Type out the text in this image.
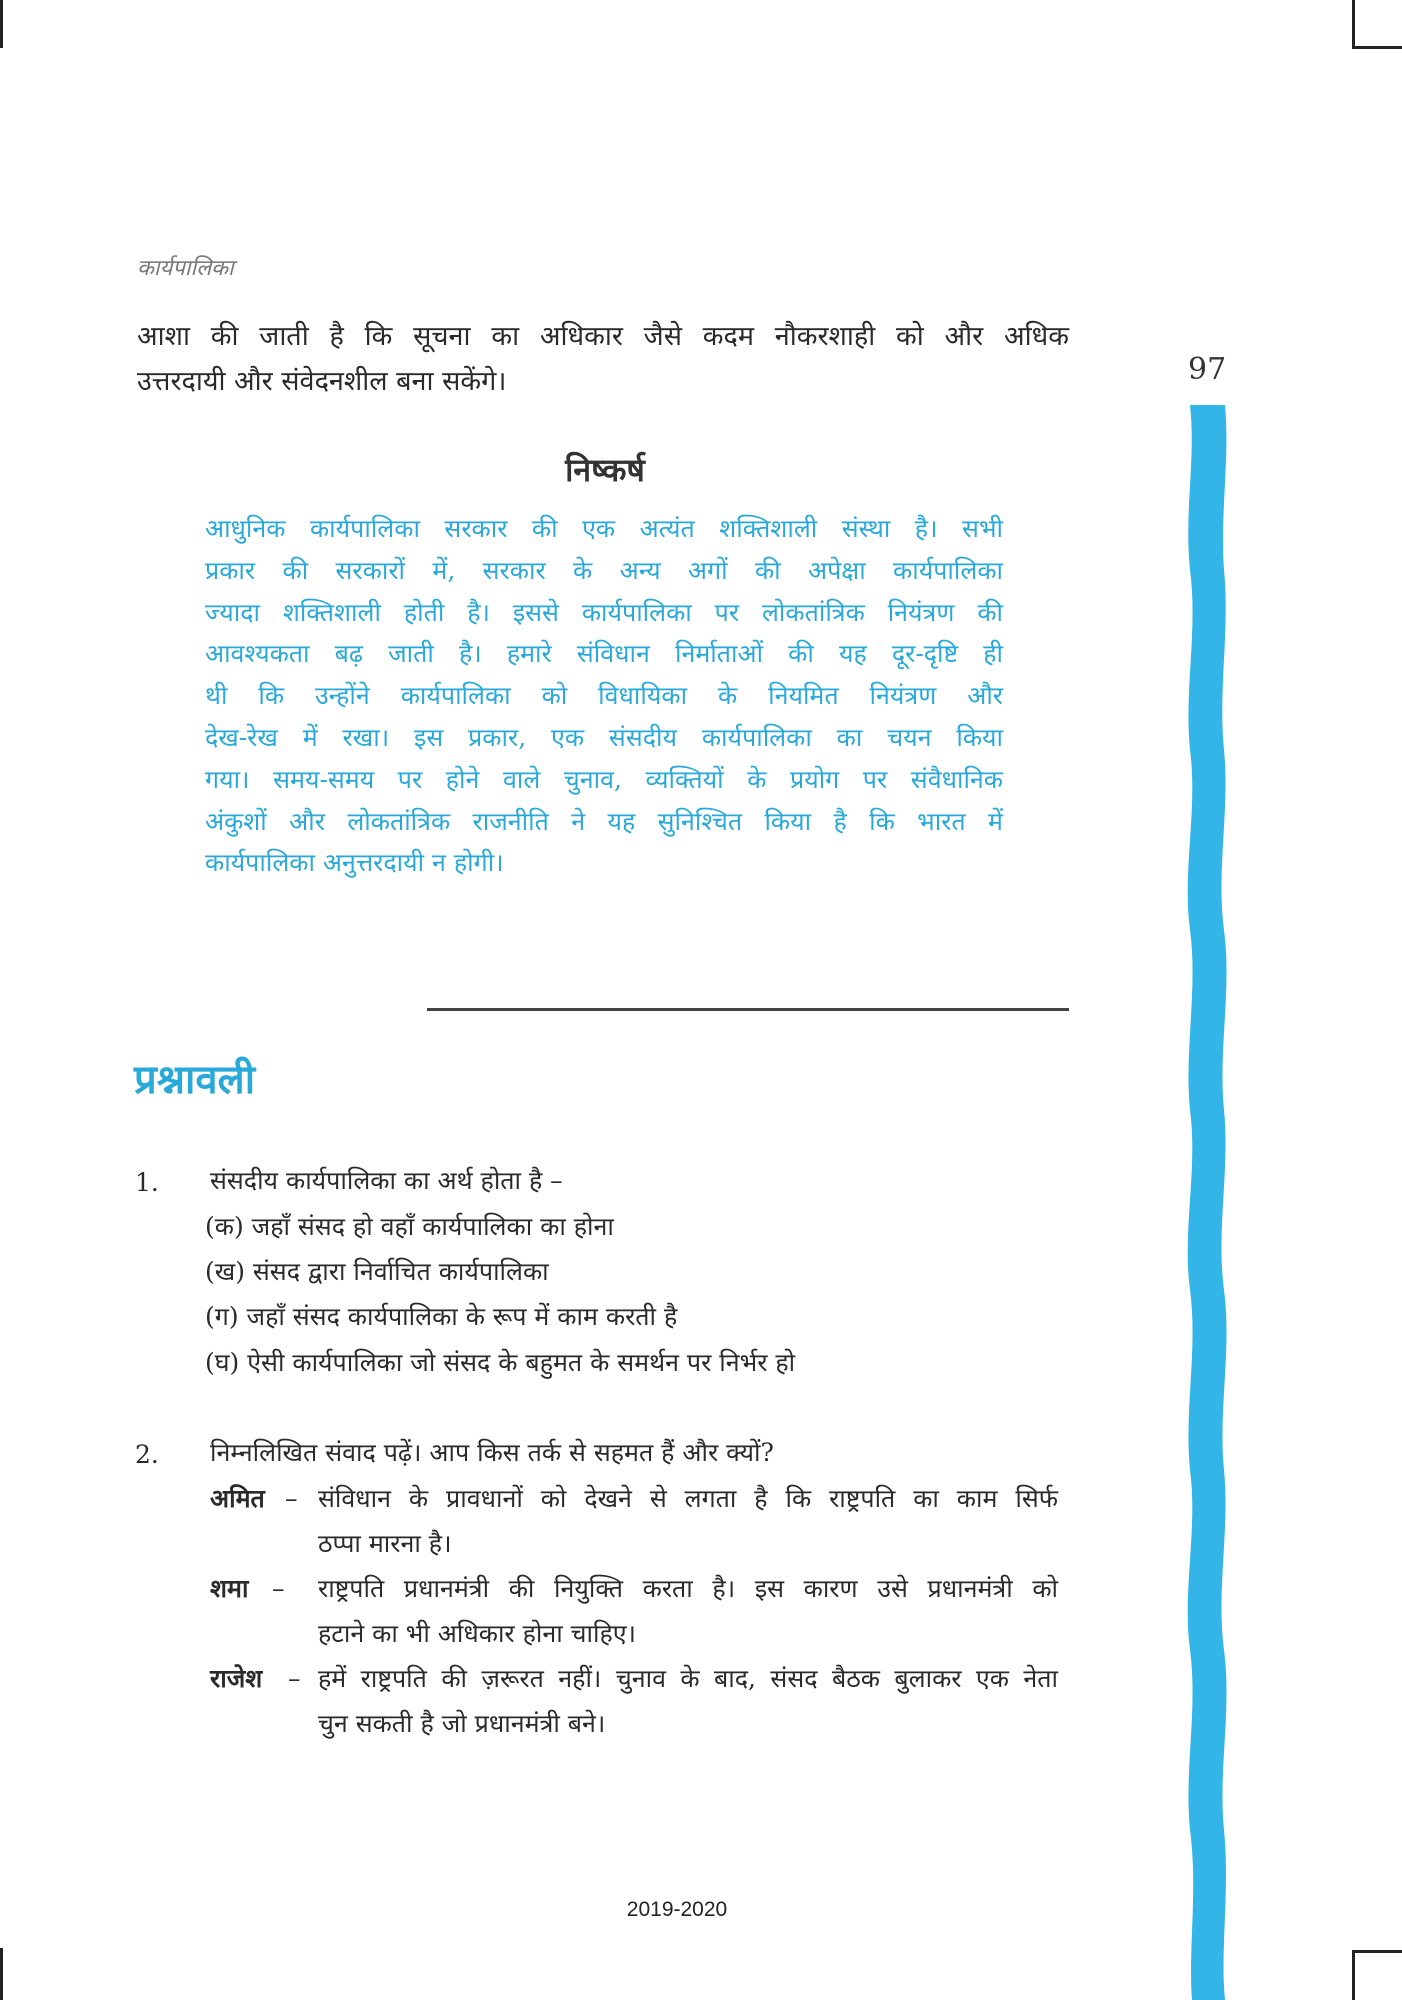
कार्यपालिका
97
आशा की जाती है कि सूचना का अधिकार जैसे कदम नौकरशाही को और अधिक
उत्तरदायी और संवेदनशील बना सकेंगे।
निष्कर्ष
आधुनिक कार्यपालिका सरकार की एक अत्यंत शक्तिशाली संस्था है। सभी
प्रकार की सरकारों में, सरकार के अन्य अगों की अपेक्षा कार्यपालिका
ज्यादा शक्तिशाली होती है। इससे कार्यपालिका पर लोकतांत्रिक नियंत्रण की
आवश्यकता बढ़ जाती है। हमारे संविधान निर्माताओं की यह दूर-दृष्टि ही
थी कि उन्होंने कार्यपालिका को विधायिका के नियमित नियंत्रण और
देख-रेख में रखा। इस प्रकार, एक संसदीय कार्यपालिका का चयन किया
गया। समय-समय पर होने वाले चुनाव, व्यक्तियों के प्रयोग पर संवैधानिक
अंकुशों और लोकतांत्रिक राजनीति ने यह सुनिश्चित किया है कि भारत में
कार्यपालिका अनुत्तरदायी न होगी।
प्रश्नावली
1. संसदीय कार्यपालिका का अर्थ होता है –
(क) जहाँ संसद हो वहाँ कार्यपालिका का होना
(ख) संसद द्वारा निर्वाचित कार्यपालिका
(ग) जहाँ संसद कार्यपालिका के रूप में काम करती है
(घ) ऐसी कार्यपालिका जो संसद के बहुमत के समर्थन पर निर्भर हो
2. निम्नलिखित संवाद पढ़ें। आप किस तर्क से सहमत हैं और क्यों?
अमित – संविधान के प्रावधानों को देखने से लगता है कि राष्ट्रपति का काम सिर्फ
ठप्पा मारना है।
शमा – राष्ट्रपति प्रधानमंत्री की नियुक्ति करता है। इस कारण उसे प्रधानमंत्री को
हटाने का भी अधिकार होना चाहिए।
राजेश – हमें राष्ट्रपति की ज़रूरत नहीं। चुनाव के बाद, संसद बैठक बुलाकर एक नेता
चुन सकती है जो प्रधानमंत्री बने।
2019-2020
